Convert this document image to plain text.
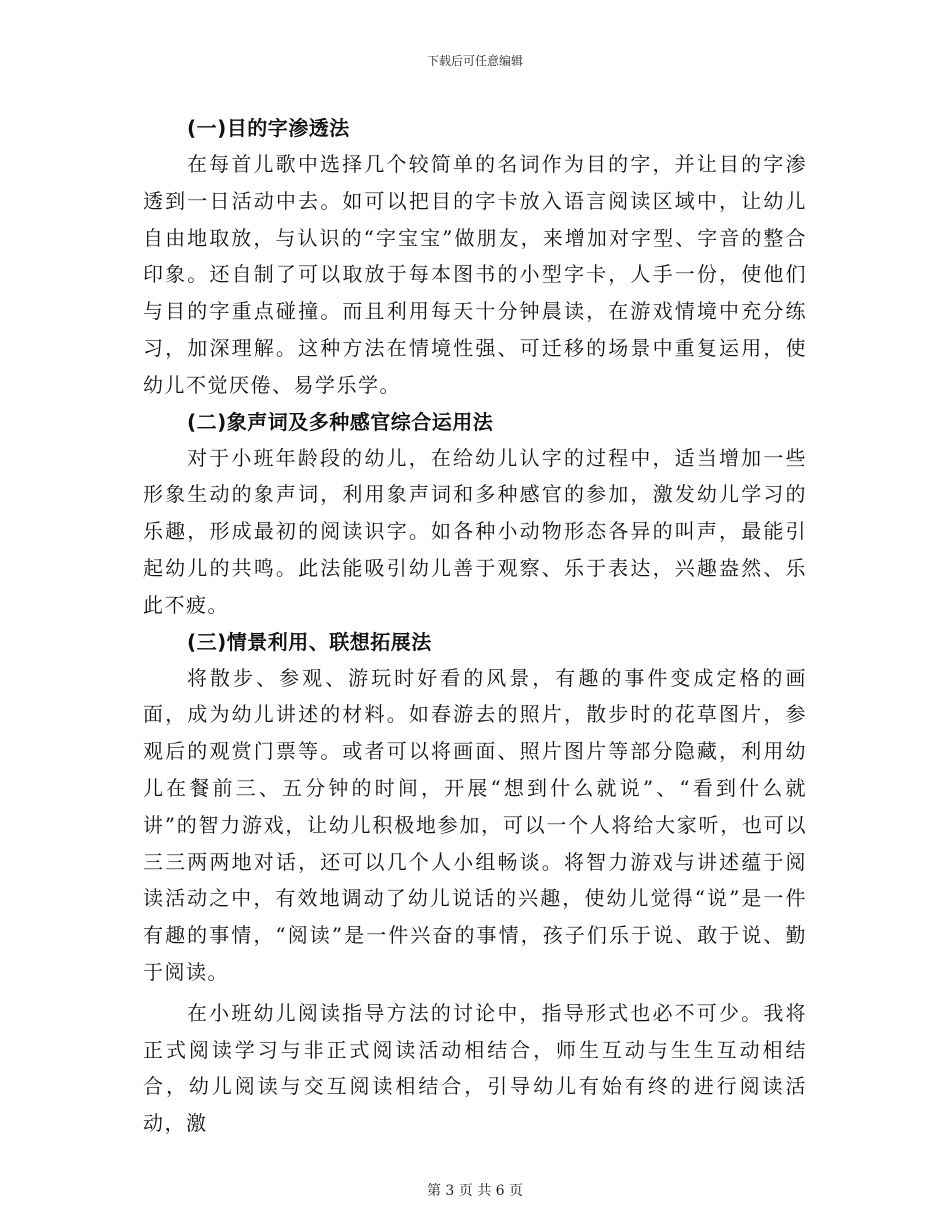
下载后可任意编辑
(一)目的字渗透法

在每首儿歌中选择几个较简单的名词作为目的字，并让目的字渗透到一日活动中去。如可以把目的字卡放入语言阅读区域中，让幼儿自由地取放，与认识的“字宝宝”做朋友，来增加对字型、字音的整合印象。还自制了可以取放于每本图书的小型字卡，人手一份，使他们与目的字重点碰撞。而且利用每天十分钟晨读，在游戏情境中充分练习，加深理解。这种方法在情境性强、可迁移的场景中重复运用，使幼儿不觉厌倦、易学乐学。

(二)象声词及多种感官综合运用法

对于小班年龄段的幼儿，在给幼儿认字的过程中，适当增加一些形象生动的象声词，利用象声词和多种感官的参加，激发幼儿学习的乐趣，形成最初的阅读识字。如各种小动物形态各异的叫声，最能引起幼儿的共鸣。此法能吸引幼儿善于观察、乐于表达，兴趣盎然、乐此不疲。

(三)情景利用、联想拓展法

将散步、参观、游玩时好看的风景，有趣的事件变成定格的画面，成为幼儿讲述的材料。如春游去的照片，散步时的花草图片，参观后的观赏门票等。或者可以将画面、照片图片等部分隐藏，利用幼儿在餐前三、五分钟的时间，开展“想到什么就说”、“看到什么就讲”的智力游戏，让幼儿积极地参加，可以一个人将给大家听，也可以三三两两地对话，还可以几个人小组畅谈。将智力游戏与讲述蕴于阅读活动之中，有效地调动了幼儿说话的兴趣，使幼儿觉得“说”是一件有趣的事情，“阅读”是一件兴奋的事情，孩子们乐于说、敢于说、勤于阅读。

在小班幼儿阅读指导方法的讨论中，指导形式也必不可少。我将正式阅读学习与非正式阅读活动相结合，师生互动与生生互动相结合，幼儿阅读与交互阅读相结合，引导幼儿有始有终的进行阅读活动，激

第 3 页 共 6 页
